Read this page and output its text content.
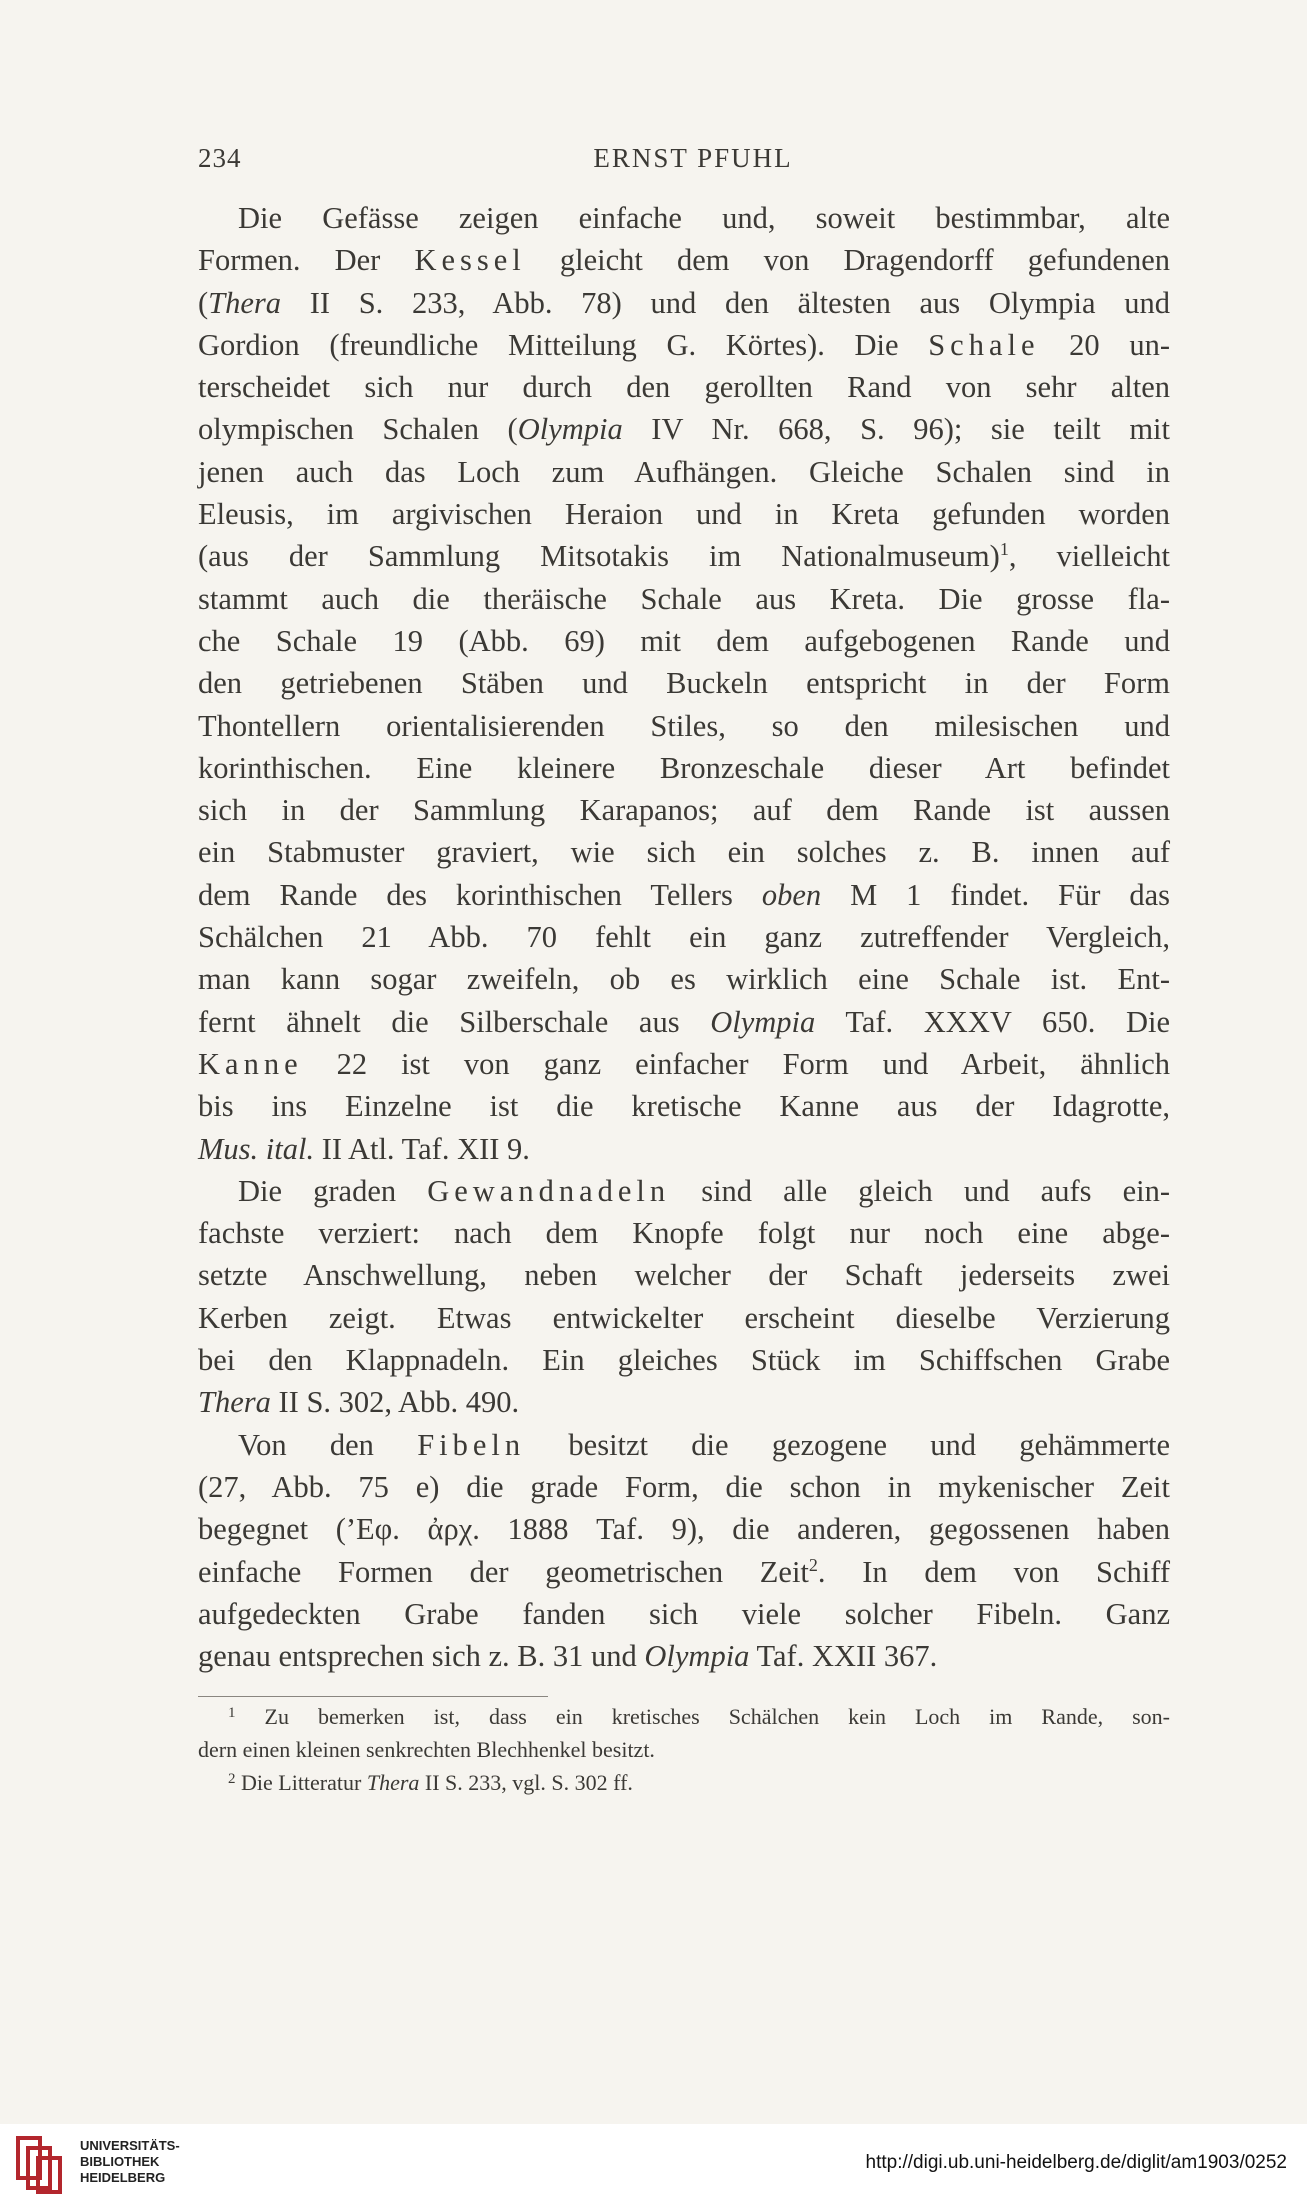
234	ERNST PFUHL
Die Gefässe zeigen einfache und, soweit bestimmbar, alte
Formen. Der Kessel gleicht dem von Dragendorff gefundenen
(Thera II S. 233, Abb. 78) und den ältesten aus Olympia und
Gordion (freundliche Mitteilung G. Körtes). Die Schale 20 un-
terscheidet sich nur durch den gerollten Rand von sehr alten
olympischen Schalen (Olympia IV Nr. 668, S. 96); sie teilt mit
jenen auch das Loch zum Aufhängen. Gleiche Schalen sind in
Eleusis, im argivischen Heraion und in Kreta gefunden worden
(aus der Sammlung Mitsotakis im Nationalmuseum)$^1$, vielleicht
stammt auch die theräische Schale aus Kreta. Die grosse fla-
che Schale 19 (Abb. 69) mit dem aufgebogenen Rande und
den getriebenen Stäben und Buckeln entspricht in der Form
Thontellern orientalisierenden Stiles, so den milesischen und
korinthischen. Eine kleinere Bronzeschale dieser Art befindet
sich in der Sammlung Karapanos; auf dem Rande ist aussen
ein Stabmuster graviert, wie sich ein solches z. B. innen auf
dem Rande des korinthischen Tellers oben M 1 findet. Für das
Schälchen 21 Abb. 70 fehlt ein ganz zutreffender Vergleich,
man kann sogar zweifeln, ob es wirklich eine Schale ist. Ent-
fernt ähnelt die Silberschale aus Olympia Taf. XXXV 650. Die
Kanne 22 ist von ganz einfacher Form und Arbeit, ähnlich
bis ins Einzelne ist die kretische Kanne aus der Idagrotte,
Mus. ital. II Atl. Taf. XII 9.
Die graden Gewandnadeln sind alle gleich und aufs ein-
fachste verziert: nach dem Knopfe folgt nur noch eine abge-
setzte Anschwellung, neben welcher der Schaft jederseits zwei
Kerben zeigt. Etwas entwickelter erscheint dieselbe Verzierung
bei den Klappnadeln. Ein gleiches Stück im Schiffschen Grabe
Thera II S. 302, Abb. 490.
Von den Fibeln besitzt die gezogene und gehämmerte
(27, Abb. 75 e) die grade Form, die schon in mykenischer Zeit
begegnet (’Eφ. ἀρχ. 1888 Taf. 9), die anderen, gegossenen haben
einfache Formen der geometrischen Zeit$^2$. In dem von Schiff
aufgedeckten Grabe fanden sich viele solcher Fibeln. Ganz
genau entsprechen sich z. B. 31 und Olympia Taf. XXII 367.
$^1$ Zu bemerken ist, dass ein kretisches Schälchen kein Loch im Rande, son-
dern einen kleinen senkrechten Blechhenkel besitzt.
$^2$ Die Litteratur Thera II S. 233, vgl. S. 302 ff.
UNIVERSITÄTS-
BIBLIOTHEK
HEIDELBERG
http://digi.ub.uni-heidelberg.de/diglit/am1903/0252
